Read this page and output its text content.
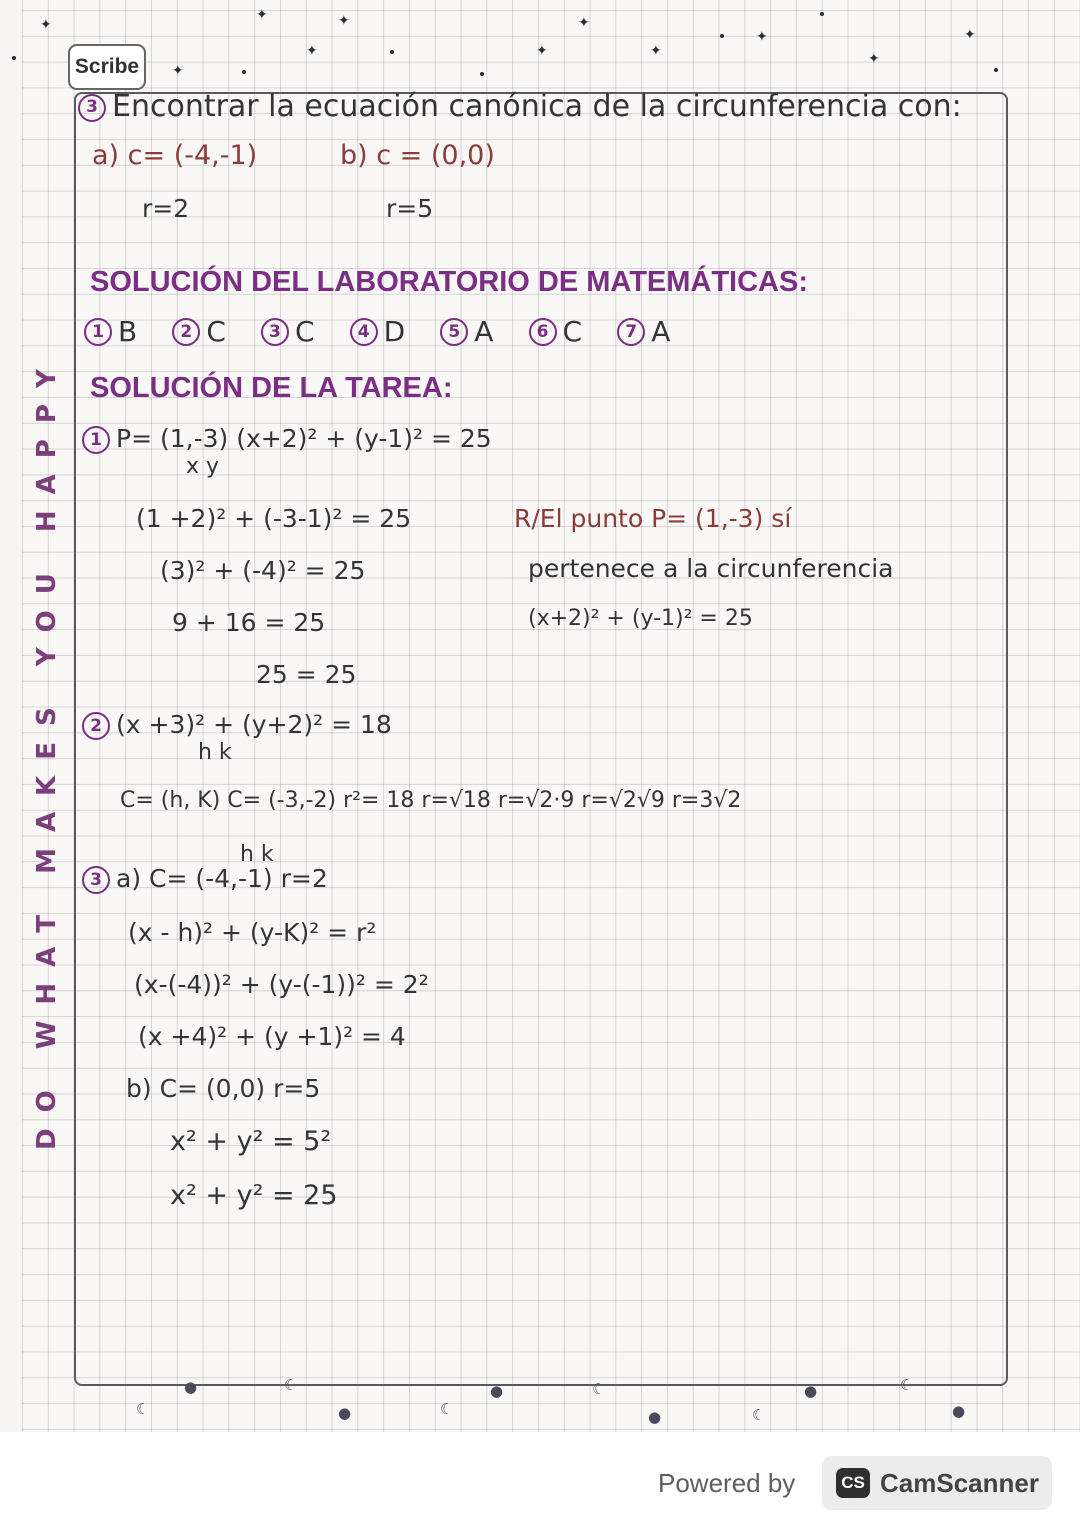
✦
✦	✦	✦
✦	✦
✦	✦	✦	✦
✦
Scribe
DO WHAT MAKES YOU HAPPY
3 Encontrar la ecuación canónica de la circunferencia con:
a) c= (-4,-1)	b) c = (0,0)
r=2	r=5
SOLUCIÓN DEL LABORATORIO DE MATEMÁTICAS:
1 B	2 C	3 C	4 D	5 A	6 C	7 A
SOLUCIÓN DE LA TAREA:
1 P= (1,-3) (x+2)² + (y-1)² = 25
x y
(1 +2)² + (-3-1)² = 25
(3)² + (-4)² = 25
9 + 16 = 25
25 = 25
R/El punto P= (1,-3) sí
pertenece a la circunferencia
(x+2)² + (y-1)² = 25
2 (x +3)² + (y+2)² = 18
h k
C= (h, K) C= (-3,-2) r²= 18 r=√18 r=√2·9 r=√2√9 r=3√2
h k
3 a) C= (-4,-1) r=2
(x - h)² + (y-K)² = r²
(x-(-4))² + (y-(-1))² = 2²
(x +4)² + (y +1)² = 4
b) C= (0,0) r=5
x² + y² = 5²
x² + y² = 25
☾
☾
☾
☾
☾
☾
●
●
●
●
●
●
Powered by	CS CamScanner
